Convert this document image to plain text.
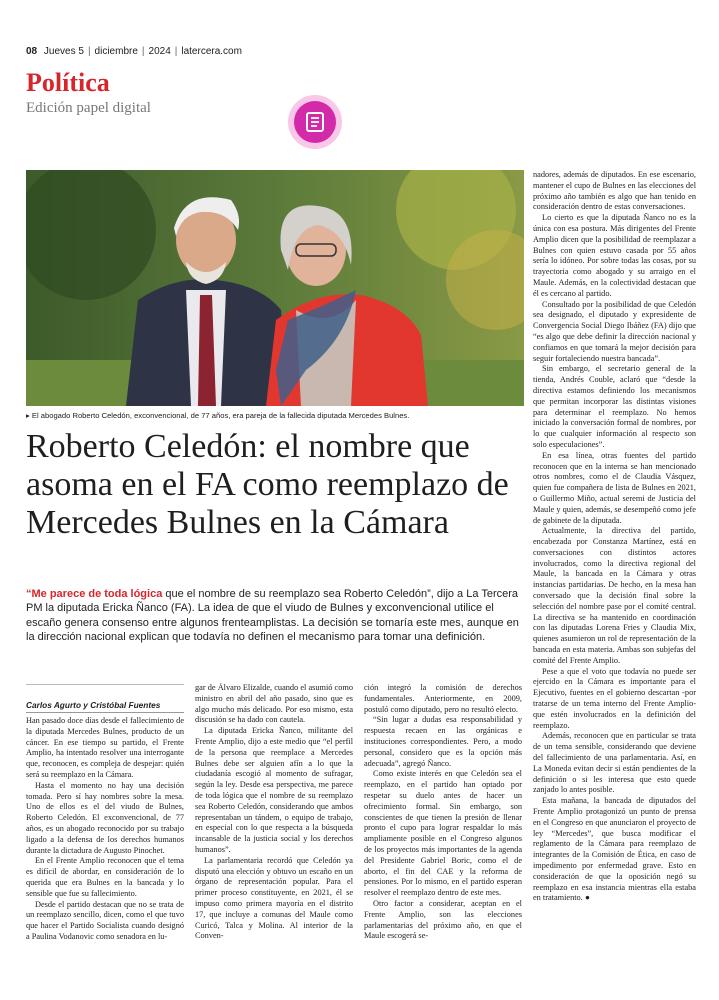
08 Jueves 5 | diciembre | 2024 | latercera.com
Política
Edición papel digital
▸ El abogado Roberto Celedón, exconvencional, de 77 años, era pareja de la fallecida diputada Mercedes Bulnes.
Roberto Celedón: el nombre que asoma en el FA como reemplazo de Mercedes Bulnes en la Cámara
“Me parece de toda lógica que el nombre de su reemplazo sea Roberto Celedón”, dijo a La Tercera PM la diputada Ericka Ñanco (FA). La idea de que el viudo de Bulnes y exconvencional utilice el escaño genera consenso entre algunos frenteamplistas. La decisión se tomaría este mes, aunque en la dirección nacional explican que todavía no definen el mecanismo para tomar una definición.
Carlos Agurto y Cristóbal Fuentes

Han pasado doce días desde el fallecimiento de la diputada Mercedes Bulnes, producto de un cáncer. En ese tiempo su partido, el Frente Amplio, ha intentado resolver una interrogante que, reconocen, es compleja de despejar: quién será su reemplazo en la Cámara.

Hasta el momento no hay una decisión tomada. Pero sí hay nombres sobre la mesa. Uno de ellos es el del viudo de Bulnes, Roberto Celedón. El exconvencional, de 77 años, es un abogado reconocido por su trabajo ligado a la defensa de los derechos humanos durante la dictadura de Augusto Pinochet.

En el Frente Amplio reconocen que el tema es difícil de abordar, en consideración de lo querida que era Bulnes en la bancada y lo sensible que fue su fallecimiento.

Desde el partido destacan que no se trata de un reemplazo sencillo, dicen, como el que tuvo que hacer el Partido Socialista cuando designó a Paulina Vodanovic como senadora en lu-

gar de Álvaro Elizalde, cuando el asumió como ministro en abril del año pasado, sino que es algo mucho más delicado. Por eso mismo, esta discusión se ha dado con cautela.

La diputada Ericka Ñanco, militante del Frente Amplio, dijo a este medio que “el perfil de la persona que reemplace a Mercedes Bulnes debe ser alguien afín a lo que la ciudadanía escogió al momento de sufragar, según la ley. Desde esa perspectiva, me parece de toda lógica que el nombre de su reemplazo sea Roberto Celedón, considerando que ambos representaban un tándem, o equipo de trabajo, en especial con lo que respecta a la búsqueda incansable de la justicia social y los derechos humanos”.

La parlamentaria recordó que Celedón ya disputó una elección y obtuvo un escaño en un órgano de representación popular. Para el primer proceso constituyente, en 2021, él se impuso como primera mayoría en el distrito 17, que incluye a comunas del Maule como Curicó, Talca y Molina. Al interior de la Conven-

ción integró la comisión de derechos fundamentales. Anteriormente, en 2009, postuló como diputado, pero no resultó electo.

“Sin lugar a dudas esa responsabilidad y respuesta recaen en las orgánicas e instituciones correspondientes. Pero, a modo personal, considero que es la opción más adecuada”, agregó Ñanco.

Como existe interés en que Celedón sea el reemplazo, en el partido han optado por respetar su duelo antes de hacer un ofrecimiento formal. Sin embargo, son conscientes de que tienen la presión de llenar pronto el cupo para lograr respaldar lo más ampliamente posible en el Congreso algunos de los proyectos más importantes de la agenda del Presidente Gabriel Boric, como el de aborto, el fin del CAE y la reforma de pensiones. Por lo mismo, en el partido esperan resolver el reemplazo dentro de este mes.

Otro factor a considerar, aceptan en el Frente Amplio, son las elecciones parlamentarias del próximo año, en que el Maule escogerá se-

nadores, además de diputados. En ese escenario, mantener el cupo de Bulnes en las elecciones del próximo año también es algo que han tenido en consideración dentro de estas conversaciones.

Lo cierto es que la diputada Ñanco no es la única con esa postura. Más dirigentes del Frente Amplio dicen que la posibilidad de reemplazar a Bulnes con quien estuvo casada por 55 años sería lo idóneo. Por sobre todas las cosas, por su trayectoria como abogado y su arraigo en el Maule. Además, en la colectividad destacan que él es cercano al partido.

Consultado por la posibilidad de que Celedón sea designado, el diputado y expresidente de Convergencia Social Diego Ibáñez (FA) dijo que “es algo que debe definir la dirección nacional y confiamos en que tomará la mejor decisión para seguir fortaleciendo nuestra bancada”.

Sin embargo, el secretario general de la tienda, Andrés Couble, aclaró que “desde la directiva estamos definiendo los mecanismos que permitan incorporar las distintas visiones para determinar el reemplazo. No hemos iniciado la conversación formal de nombres, por lo que cualquier información al respecto son solo especulaciones”.

En esa línea, otras fuentes del partido reconocen que en la interna se han mencionado otros nombres, como el de Claudia Vásquez, quien fue compañera de lista de Bulnes en 2021, o Guillermo Miño, actual seremi de Justicia del Maule y quien, además, se desempeñó como jefe de gabinete de la diputada.

Actualmente, la directiva del partido, encabezada por Constanza Martínez, está en conversaciones con distintos actores involucrados, como la directiva regional del Maule, la bancada en la Cámara y otras instancias partidarias. De hecho, en la mesa han conversado que la decisión final sobre la selección del nombre pase por el comité central. La directiva se ha mantenido en coordinación con las diputadas Lorena Fries y Claudia Mix, quienes asumieron un rol de representación de la bancada en esta materia. Ambas son subjefas del comité del Frente Amplio.

Pese a que el voto que todavía no puede ser ejercido en la Cámara es importante para el Ejecutivo, fuentes en el gobierno descartan -por tratarse de un tema interno del Frente Amplio- que estén involucrados en la definición del reemplazo.

Además, reconocen que en particular se trata de un tema sensible, considerando que deviene del fallecimiento de una parlamentaria. Así, en La Moneda evitan decir si están pendientes de la definición o si les interesa que esto quede zanjado lo antes posible.

Esta mañana, la bancada de diputados del Frente Amplio protagonizó un punto de prensa en el Congreso en que anunciaron el proyecto de ley “Mercedes”, que busca modificar el reglamento de la Cámara para reemplazo de integrantes de la Comisión de Ética, en caso de impedimento por enfermedad grave. Esto en consideración de que la oposición negó su reemplazo en esa instancia mientras ella estaba en tratamiento. ●
